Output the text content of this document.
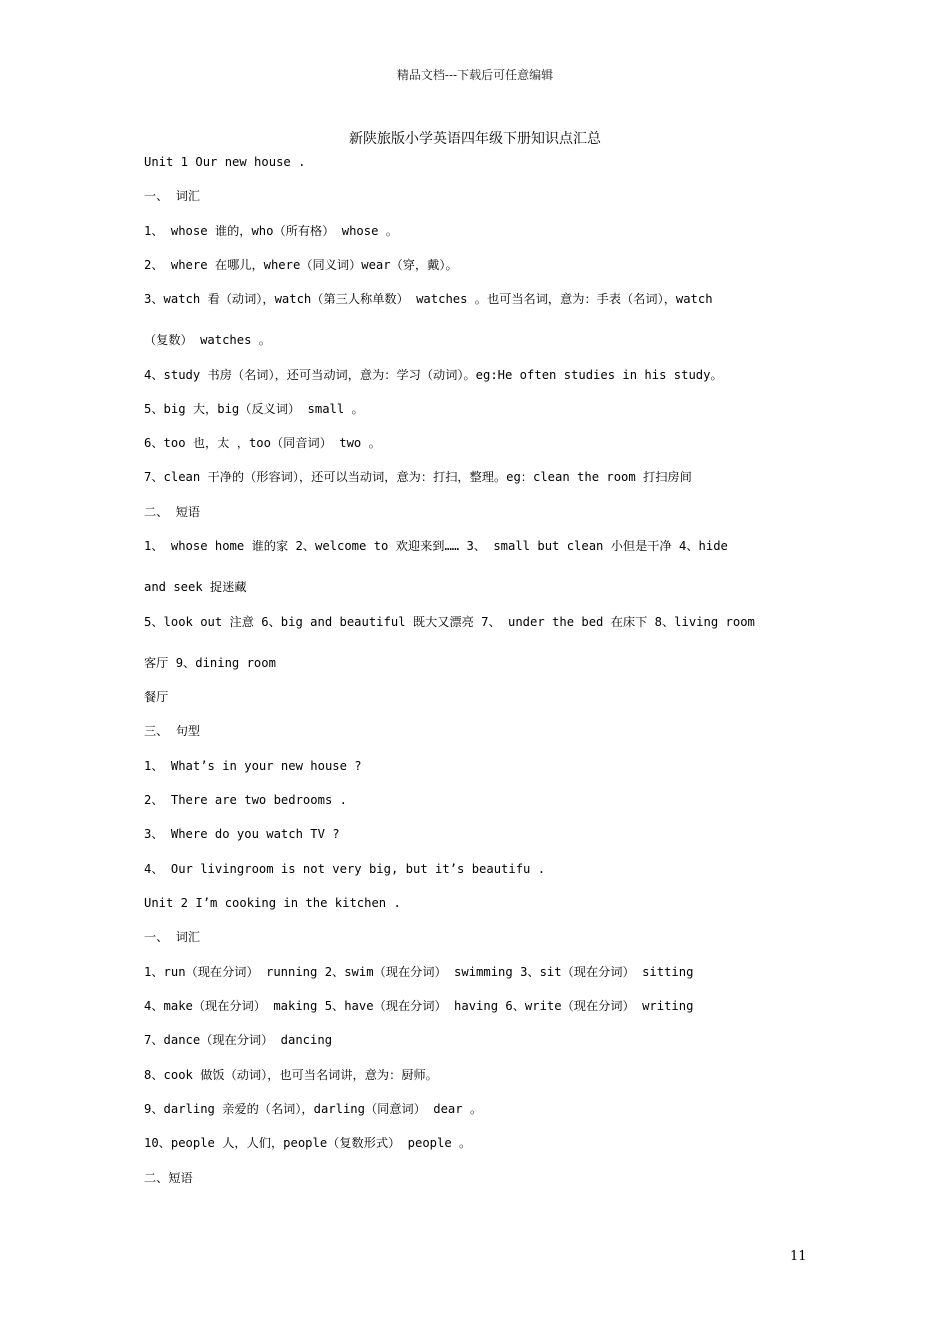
精品文档---下载后可任意编辑
新陕旅版小学英语四年级下册知识点汇总
Unit 1 Our new house .
一、 词汇
1、 whose 谁的，who（所有格） whose 。
2、 where 在哪儿，where（同义词）wear（穿，戴）。
3、watch 看（动词），watch（第三人称单数） watches 。也可当名词，意为：手表（名词），watch
（复数） watches 。
4、study 书房（名词），还可当动词，意为：学习（动词）。eg:He often studies in his study。
5、big 大，big（反义词） small 。
6、too 也，太 ，too（同音词） two 。
7、clean 干净的（形容词），还可以当动词，意为：打扫，整理。eg：clean the room 打扫房间
二、 短语
1、 whose home 谁的家 2、welcome to 欢迎来到…… 3、 small but clean 小但是干净 4、hide
and seek 捉迷藏
5、look out 注意 6、big and beautiful 既大又漂亮 7、 under the bed 在床下 8、living room
客厅 9、dining room
餐厅
三、 句型
1、 What’s in your new house ?
2、 There are two bedrooms .
3、 Where do you watch TV ?
4、 Our livingroom is not very big, but it’s beautifu .
Unit 2 I’m cooking in the kitchen .
一、 词汇
1、run（现在分词） running 2、swim（现在分词） swimming 3、sit（现在分词） sitting
4、make（现在分词） making 5、have（现在分词） having 6、write（现在分词） writing
7、dance（现在分词） dancing
8、cook 做饭（动词），也可当名词讲，意为：厨师。
9、darling 亲爱的（名词），darling（同意词） dear 。
10、people 人，人们，people（复数形式） people 。
二、短语
11
